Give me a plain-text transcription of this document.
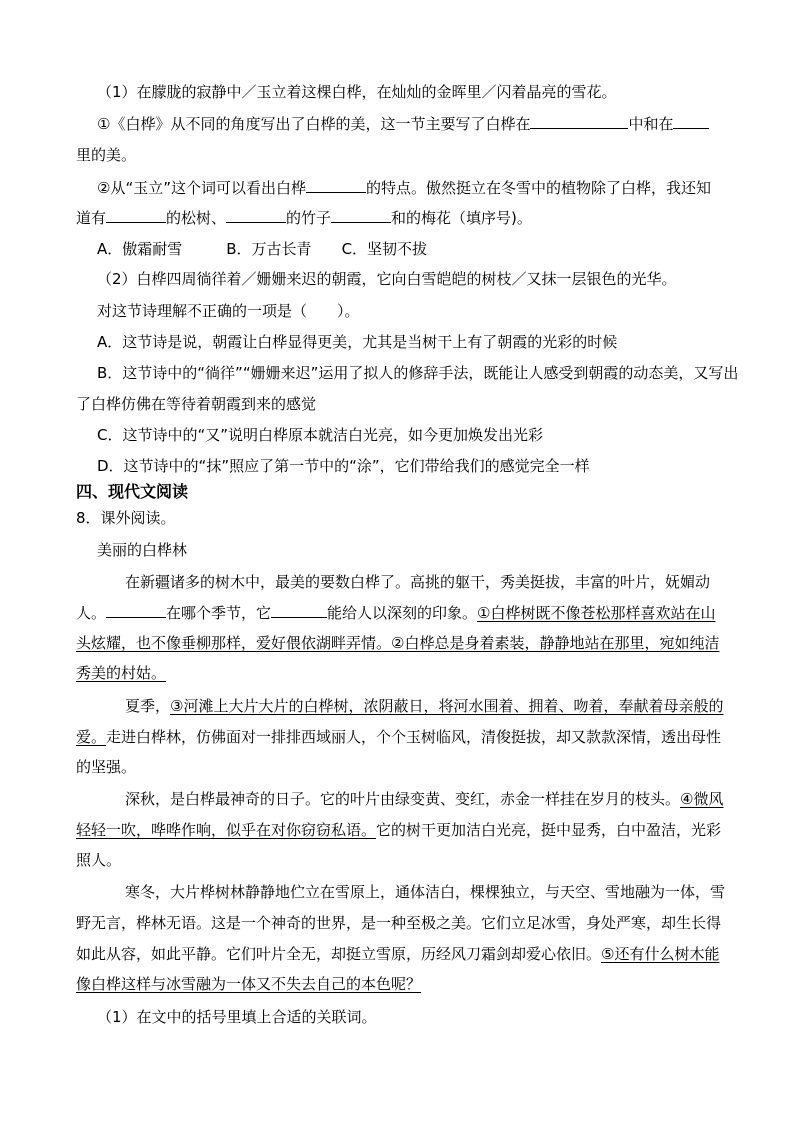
（1）在朦胧的寂静中／玉立着这棵白桦，在灿灿的金晖里／闪着晶亮的雪花。
①《白桦》从不同的角度写出了白桦的美，这一节主要写了白桦在	中和在
里的美。
②从“玉立”这个词可以看出白桦	的特点。傲然挺立在冬雪中的植物除了白桦，我还知
道有	的松树、	的竹子	和的梅花（填序号)。
A．傲霜耐雪	B．万古长青 C．坚韧不拔
（2）白桦四周徜徉着／姗姗来迟的朝霞，它向白雪皑皑的树枝／又抹一层银色的光华。
对这节诗理解不正确的一项是（　　）。
A．这节诗是说，朝霞让白桦显得更美，尤其是当树干上有了朝霞的光彩的时候
B．这节诗中的“徜徉”“姗姗来迟”运用了拟人的修辞手法，既能让人感受到朝霞的动态美，又写出
了白桦仿佛在等待着朝霞到来的感觉
C．这节诗中的“又”说明白桦原本就洁白光亮，如今更加焕发出光彩
D．这节诗中的“抹”照应了第一节中的“涂”，它们带给我们的感觉完全一样
四、现代文阅读
8．课外阅读。
美丽的白桦林
在新疆诸多的树木中，最美的要数白桦了。高挑的躯干，秀美挺拔，丰富的叶片，妩媚动
人。	在哪个季节，它	能给人以深刻的印象。①白桦树既不像苍松那样喜欢站在山
头炫耀，也不像垂柳那样，爱好偎依湖畔弄情。②白桦总是身着素装，静静地站在那里，宛如纯洁
秀美的村姑。
夏季，③河滩上大片大片的白桦树，浓阴蔽日，将河水围着、拥着、吻着，奉献着母亲般的
爱。走进白桦林，仿佛面对一排排西域丽人，个个玉树临风，清俊挺拔，却又款款深情，透出母性
的坚强。
深秋，是白桦最神奇的日子。它的叶片由绿变黄、变红，赤金一样挂在岁月的枝头。④微风
轻轻一吹，哗哗作响，似乎在对你窃窃私语。它的树干更加洁白光亮，挺中显秀，白中盈洁，光彩
照人。
寒冬，大片桦树林静静地伫立在雪原上，通体洁白，棵棵独立，与天空、雪地融为一体，雪
野无言，桦林无语。这是一个神奇的世界，是一种至极之美。它们立足冰雪，身处严寒，却生长得
如此从容，如此平静。它们叶片全无，却挺立雪原，历经风刀霜剑却爱心依旧。⑤还有什么树木能
像白桦这样与冰雪融为一体又不失去自己的本色呢？
（1）在文中的括号里填上合适的关联词。
